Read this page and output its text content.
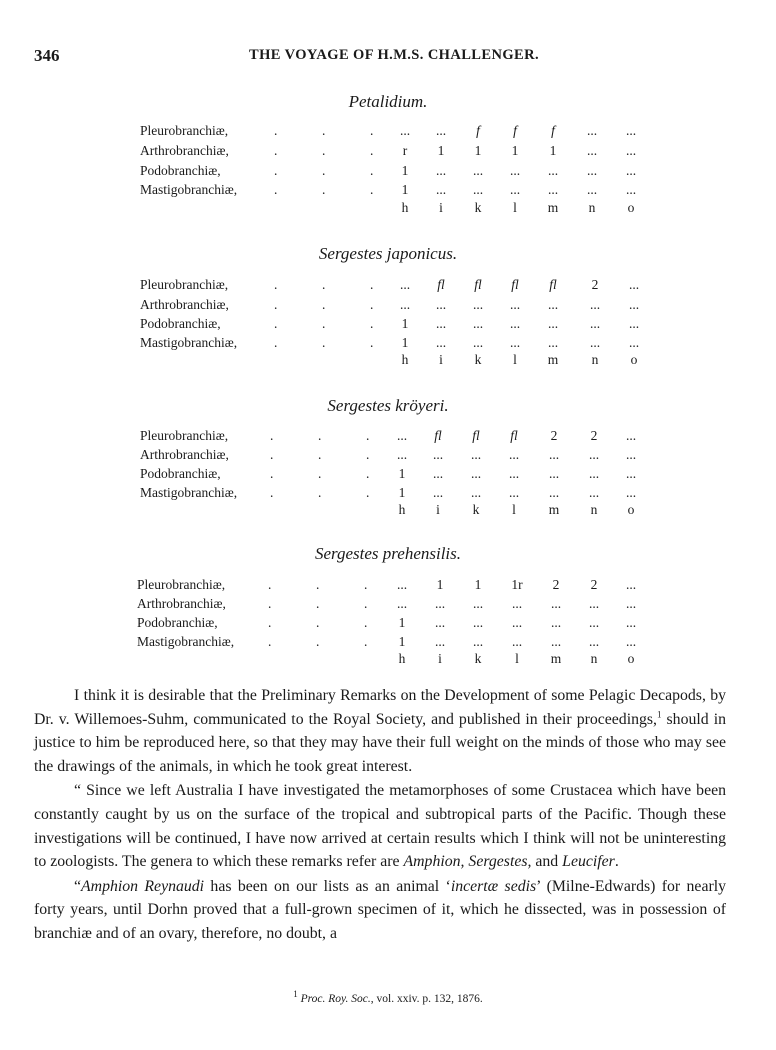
346	THE VOYAGE OF H.M.S. CHALLENGER.
Petalidium.
Pleurobranchiæ,	.	.	.	...	...	f	f	f	...	...
Arthrobranchiæ,	.	.	.	r	1	1	1	1	...	...
Podobranchiæ,	.	.	.	1	...	...	...	...	...	...
Mastigobranchiæ,	.	.	.	1	...	...	...	...	...	...
h	i	k	l	m	n	o
Sergestes japonicus.
Pleurobranchiæ,	.	.	.	...	fl	fl	fl	fl	2	...
Arthrobranchiæ,	.	.	.	...	...	...	...	...	...	...
Podobranchiæ,	.	.	.	1	...	...	...	...	...	...
Mastigobranchiæ,	.	.	.	1	...	...	...	...	...	...
h	i	k	l	m	n	o
Sergestes kröyeri.
Pleurobranchiæ,	.	.	.	...	fl	fl	fl	2	2	...
Arthrobranchiæ,	.	.	.	...	...	...	...	...	...	...
Podobranchiæ,	.	.	.	1	...	...	...	...	...	...
Mastigobranchiæ, .	.	.	1	...	...	...	...	...	...
h	i	k	l	m	n	o
Sergestes prehensilis.
Pleurobranchiæ,	.	.	.	...	1	1	1r	2	2	...
Arthrobranchiæ,	.	.	.	...	...	...	...	...	...	...
Podobranchiæ,	.	.	.	1	...	...	...	...	...	...
Mastigobranchiæ,	.	.	.	1	...	...	...	...	...	...
h	i	k	l	m	n	o

I think it is desirable that the Preliminary Remarks on the Development of some Pelagic Decapods, by Dr. v. Willemoes-Suhm, communicated to the Royal Society, and published in their proceedings,$^1$ should in justice to him be reproduced here, so that they may have their full weight on the minds of those who may see the drawings of the animals, in which he took great interest.

“ Since we left Australia I have investigated the metamorphoses of some Crustacea which have been constantly caught by us on the surface of the tropical and subtropical parts of the Pacific. Though these investigations will be continued, I have now arrived at certain results which I think will not be uninteresting to zoologists. The genera to which these remarks refer are Amphion, Sergestes, and Leucifer.

“Amphion Reynaudi has been on our lists as an animal ‘incertæ sedis’ (Milne-Edwards) for nearly forty years, until Dorhn proved that a full-grown specimen of it, which he dissected, was in possession of branchiæ and of an ovary, therefore, no doubt, a

$^1$ Proc. Roy. Soc., vol. xxiv. p. 132, 1876.
